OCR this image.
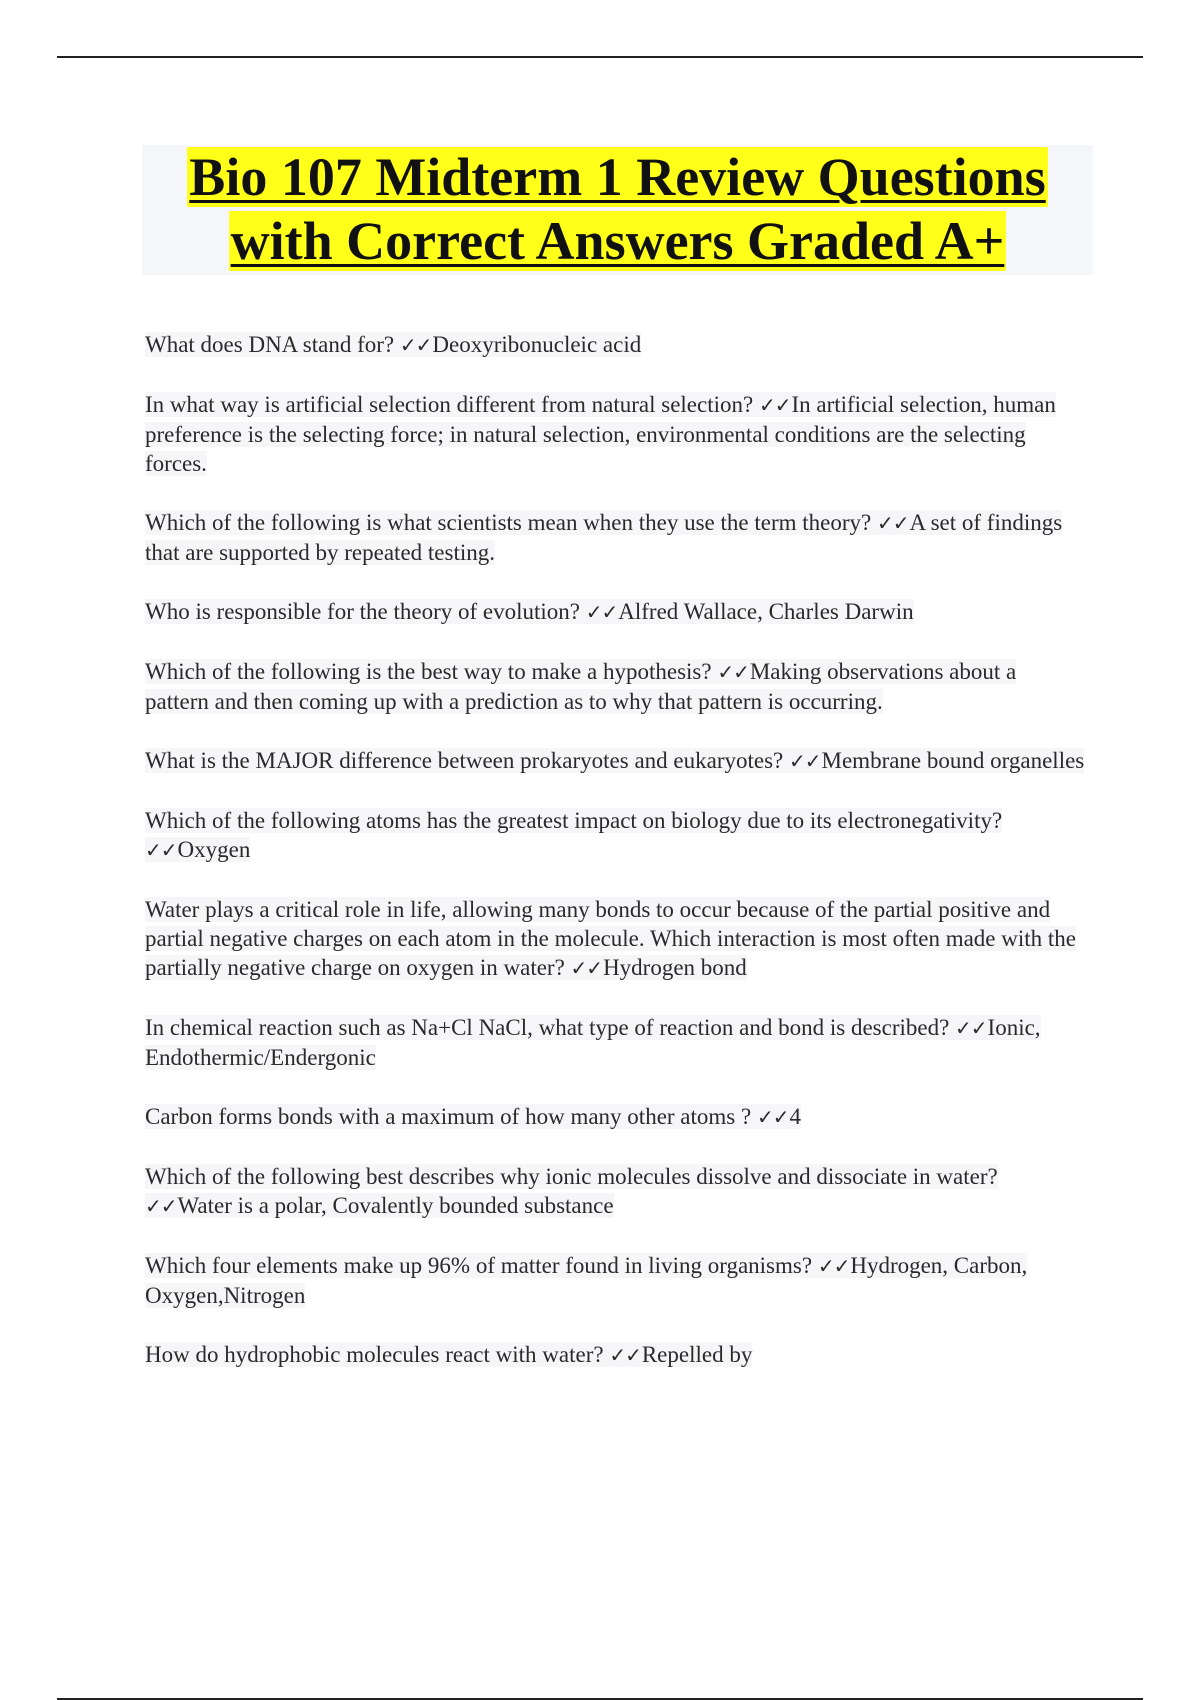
Bio 107 Midterm 1 Review Questions
with Correct Answers Graded A+

What does DNA stand for? ✓✓Deoxyribonucleic acid

In what way is artificial selection different from natural selection? ✓✓In artificial selection, human preference is the selecting force; in natural selection, environmental conditions are the selecting forces.

Which of the following is what scientists mean when they use the term theory? ✓✓A set of findings that are supported by repeated testing.

Who is responsible for the theory of evolution? ✓✓Alfred Wallace, Charles Darwin

Which of the following is the best way to make a hypothesis? ✓✓Making observations about a pattern and then coming up with a prediction as to why that pattern is occurring.

What is the MAJOR difference between prokaryotes and eukaryotes? ✓✓Membrane bound organelles

Which of the following atoms has the greatest impact on biology due to its electronegativity? ✓✓Oxygen

Water plays a critical role in life, allowing many bonds to occur because of the partial positive and partial negative charges on each atom in the molecule. Which interaction is most often made with the partially negative charge on oxygen in water? ✓✓Hydrogen bond

In chemical reaction such as Na+Cl NaCl, what type of reaction and bond is described? ✓✓Ionic, Endothermic/Endergonic

Carbon forms bonds with a maximum of how many other atoms ? ✓✓4

Which of the following best describes why ionic molecules dissolve and dissociate in water? ✓✓Water is a polar, Covalently bounded substance

Which four elements make up 96% of matter found in living organisms? ✓✓Hydrogen, Carbon, Oxygen,Nitrogen

How do hydrophobic molecules react with water? ✓✓Repelled by
